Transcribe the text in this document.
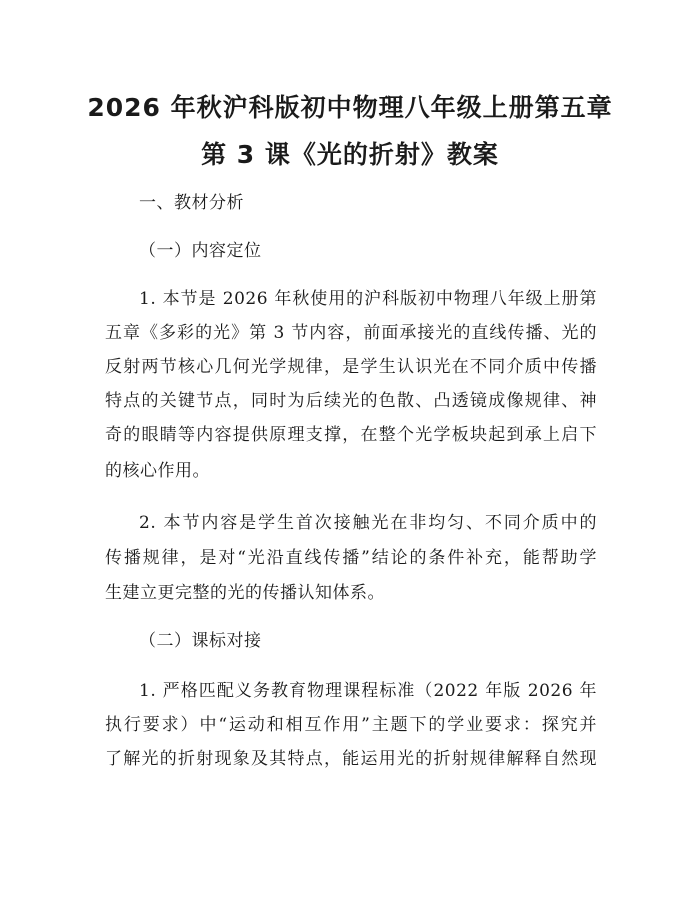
2026 年秋沪科版初中物理八年级上册第五章
第 3 课《光的折射》教案
一、教材分析
（一）内容定位
1. 本节是 2026 年秋使用的沪科版初中物理八年级上册第
五章《多彩的光》第 3 节内容，前面承接光的直线传播、光的
反射两节核心几何光学规律，是学生认识光在不同介质中传播
特点的关键节点，同时为后续光的色散、凸透镜成像规律、神
奇的眼睛等内容提供原理支撑，在整个光学板块起到承上启下
的核心作用。
2. 本节内容是学生首次接触光在非均匀、不同介质中的
传播规律，是对“光沿直线传播”结论的条件补充，能帮助学
生建立更完整的光的传播认知体系。
（二）课标对接
1. 严格匹配义务教育物理课程标准（2022 年版 2026 年
执行要求）中“运动和相互作用”主题下的学业要求：探究并
了解光的折射现象及其特点，能运用光的折射规律解释自然现
